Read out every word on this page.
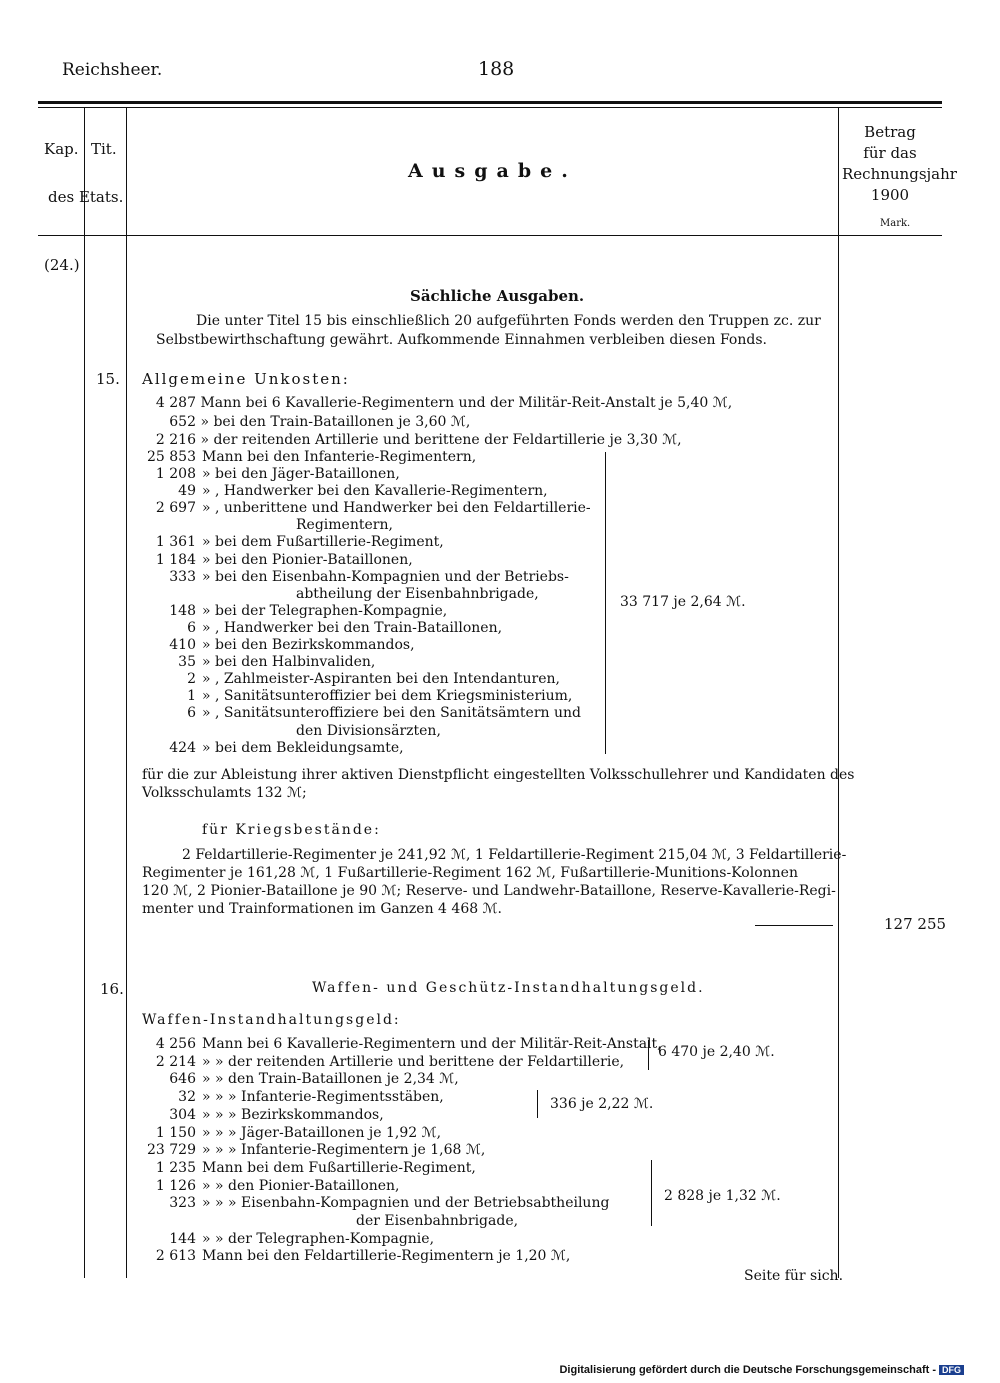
Reichsheer.	188
Kap. Tit.
des Etats.
Ausgabe.
Betrag
für das
Rechnungsjahr
1900
Mark.
(24.)
Sächliche Ausgaben.
Die unter Titel 15 bis einschließlich 20 aufgeführten Fonds werden den Truppen zc. zur
Selbstbewirthschaftung gewährt. Aufkommende Einnahmen verbleiben diesen Fonds.
15. Allgemeine Unkosten:
4 287 Mann bei 6 Kavallerie-Regimentern und der Militär-Reit-Anstalt je 5,40 ℳ,
652 » bei den Train-Bataillonen je 3,60 ℳ,
2 216 » der reitenden Artillerie und berittene der Feldartillerie je 3,30 ℳ,
25 853 Mann bei den Infanterie-Regimentern,
1 208 » bei den Jäger-Bataillonen,
49 » , Handwerker bei den Kavallerie-Regimentern,
2 697 » , unberittene und Handwerker bei den Feldartillerie-
Regimentern,
1 361 » bei dem Fußartillerie-Regiment,
1 184 » bei den Pionier-Bataillonen,
333 » bei den Eisenbahn-Kompagnien und der Betriebs-
abtheilung der Eisenbahnbrigade,
148 » bei der Telegraphen-Kompagnie,
6 » , Handwerker bei den Train-Bataillonen,
410 » bei den Bezirkskommandos,
35 » bei den Halbinvaliden,
2 » , Zahlmeister-Aspiranten bei den Intendanturen,
1 » , Sanitätsunteroffizier bei dem Kriegsministerium,
6 » , Sanitätsunteroffiziere bei den Sanitätsämtern und
den Divisionsärzten,
424 » bei dem Bekleidungsamte,
33 717 je 2,64 ℳ.
für die zur Ableistung ihrer aktiven Dienstpflicht eingestellten Volksschullehrer und Kandidaten des
Volksschulamts 132 ℳ;
für Kriegsbestände:
2 Feldartillerie-Regimenter je 241,92 ℳ, 1 Feldartillerie-Regiment 215,04 ℳ, 3 Feldartillerie-
Regimenter je 161,28 ℳ, 1 Fußartillerie-Regiment 162 ℳ, Fußartillerie-Munitions-Kolonnen
120 ℳ, 2 Pionier-Bataillone je 90 ℳ; Reserve- und Landwehr-Bataillone, Reserve-Kavallerie-Regi-
menter und Trainformationen im Ganzen 4 468 ℳ.
127 255
16.	Waffen- und Geschütz-Instandhaltungsgeld.
Waffen-Instandhaltungsgeld:
4 256 Mann bei 6 Kavallerie-Regimentern und der Militär-Reit-Anstalt,
2 214 » » der reitenden Artillerie und berittene der Feldartillerie,
646 » » den Train-Bataillonen je 2,34 ℳ,
32 » » » Infanterie-Regimentsstäben,
304 » » » Bezirkskommandos,
1 150 » » » Jäger-Bataillonen je 1,92 ℳ,
23 729 » » » Infanterie-Regimentern je 1,68 ℳ,
1 235 Mann bei dem Fußartillerie-Regiment,
1 126 » » den Pionier-Bataillonen,
323 » » » Eisenbahn-Kompagnien und der Betriebsabtheilung
der Eisenbahnbrigade,
144 » » der Telegraphen-Kompagnie,
2 613 Mann bei den Feldartillerie-Regimentern je 1,20 ℳ,
6 470 je 2,40 ℳ.
336 je 2,22 ℳ.
2 828 je 1,32 ℳ.
Seite für sich.
Digitalisierung gefördert durch die Deutsche Forschungsgemeinschaft - DFG
